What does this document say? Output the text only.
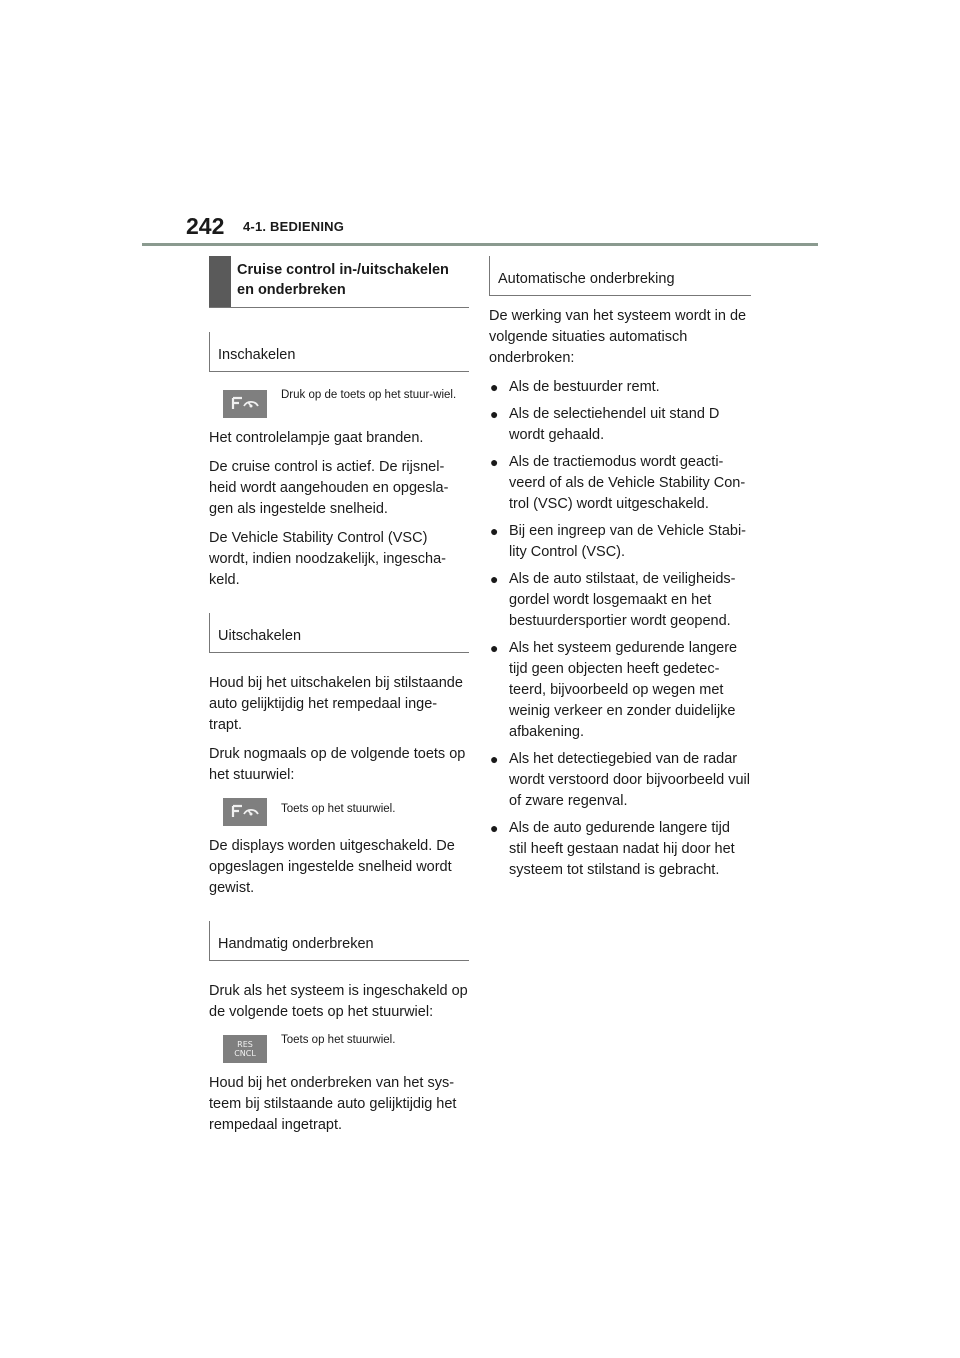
242 4-1. BEDIENING
Cruise control in-/uitschakelen en onderbreken
Inschakelen
Druk op de toets op het stuur-wiel.

Het controlelampje gaat branden.

De cruise control is actief. De rijsnel-heid wordt aangehouden en opgesla-gen als ingestelde snelheid.

De Vehicle Stability Control (VSC) wordt, indien noodzakelijk, ingescha-keld.

Uitschakelen

Houd bij het uitschakelen bij stilstaande auto gelijktijdig het rempedaal inge-trapt.

Druk nogmaals op de volgende toets op het stuurwiel:

Toets op het stuurwiel.

De displays worden uitgeschakeld. De opgeslagen ingestelde snelheid wordt gewist.

Handmatig onderbreken

Druk als het systeem is ingeschakeld op de volgende toets op het stuurwiel:

RES
CNCL
Toets op het stuurwiel.

Houd bij het onderbreken van het sys-teem bij stilstaande auto gelijktijdig het rempedaal ingetrapt.

Automatische onderbreking

De werking van het systeem wordt in de volgende situaties automatisch onderbroken:

● Als de bestuurder remt.
● Als de selectiehendel uit stand D wordt gehaald.
● Als de tractiemodus wordt geacti-veerd of als de Vehicle Stability Con-trol (VSC) wordt uitgeschakeld.
● Bij een ingreep van de Vehicle Stabi-lity Control (VSC).
● Als de auto stilstaat, de veiligheids-gordel wordt losgemaakt en het bestuurdersportier wordt geopend.
● Als het systeem gedurende langere tijd geen objecten heeft gedetec-teerd, bijvoorbeeld op wegen met weinig verkeer en zonder duidelijke afbakening.
● Als het detectiegebied van de radar wordt verstoord door bijvoorbeeld vuil of zware regenval.
● Als de auto gedurende langere tijd stil heeft gestaan nadat hij door het systeem tot stilstand is gebracht.
